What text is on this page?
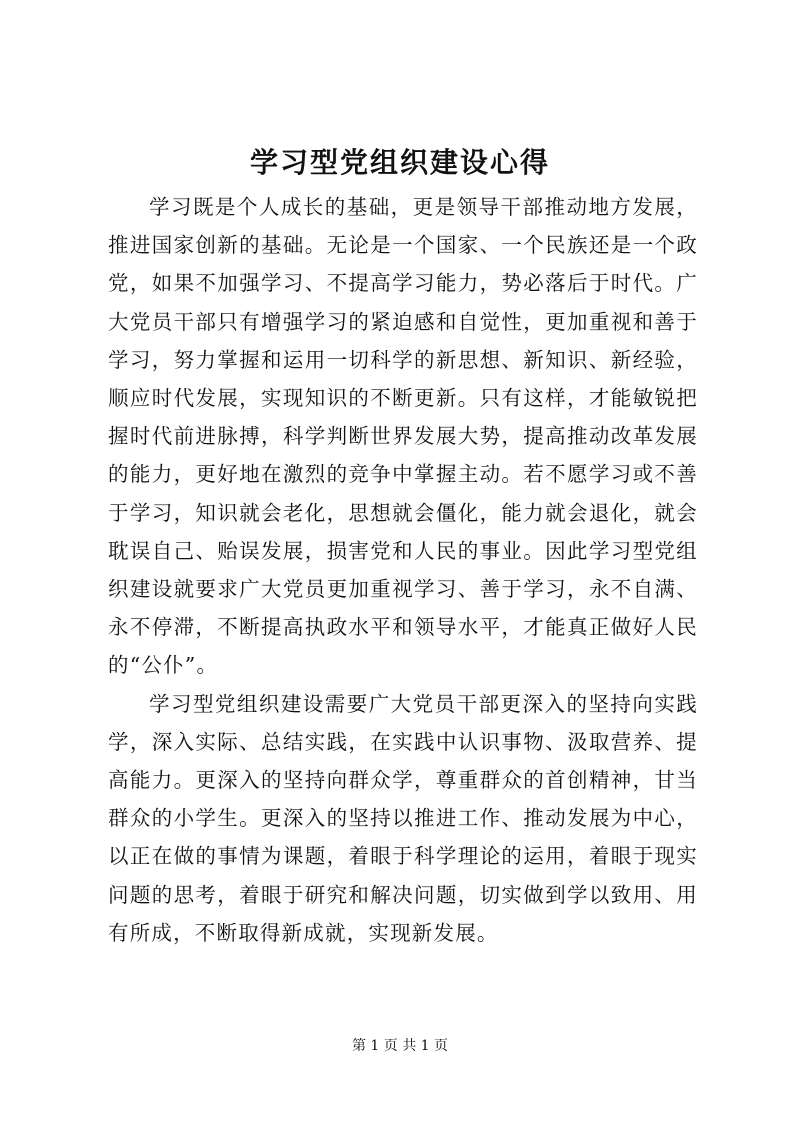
学习型党组织建设心得

学习既是个人成长的基础，更是领导干部推动地方发展，推进国家创新的基础。无论是一个国家、一个民族还是一个政党，如果不加强学习、不提高学习能力，势必落后于时代。广大党员干部只有增强学习的紧迫感和自觉性，更加重视和善于学习，努力掌握和运用一切科学的新思想、新知识、新经验，顺应时代发展，实现知识的不断更新。只有这样，才能敏锐把握时代前进脉搏，科学判断世界发展大势，提高推动改革发展的能力，更好地在激烈的竞争中掌握主动。若不愿学习或不善于学习，知识就会老化，思想就会僵化，能力就会退化，就会耽误自己、贻误发展，损害党和人民的事业。因此学习型党组织建设就要求广大党员更加重视学习、善于学习，永不自满、永不停滞，不断提高执政水平和领导水平，才能真正做好人民的“公仆”。

学习型党组织建设需要广大党员干部更深入的坚持向实践学，深入实际、总结实践，在实践中认识事物、汲取营养、提高能力。更深入的坚持向群众学，尊重群众的首创精神，甘当群众的小学生。更深入的坚持以推进工作、推动发展为中心，以正在做的事情为课题，着眼于科学理论的运用，着眼于现实问题的思考，着眼于研究和解决问题，切实做到学以致用、用有所成，不断取得新成就，实现新发展。

第 1 页 共 1 页
